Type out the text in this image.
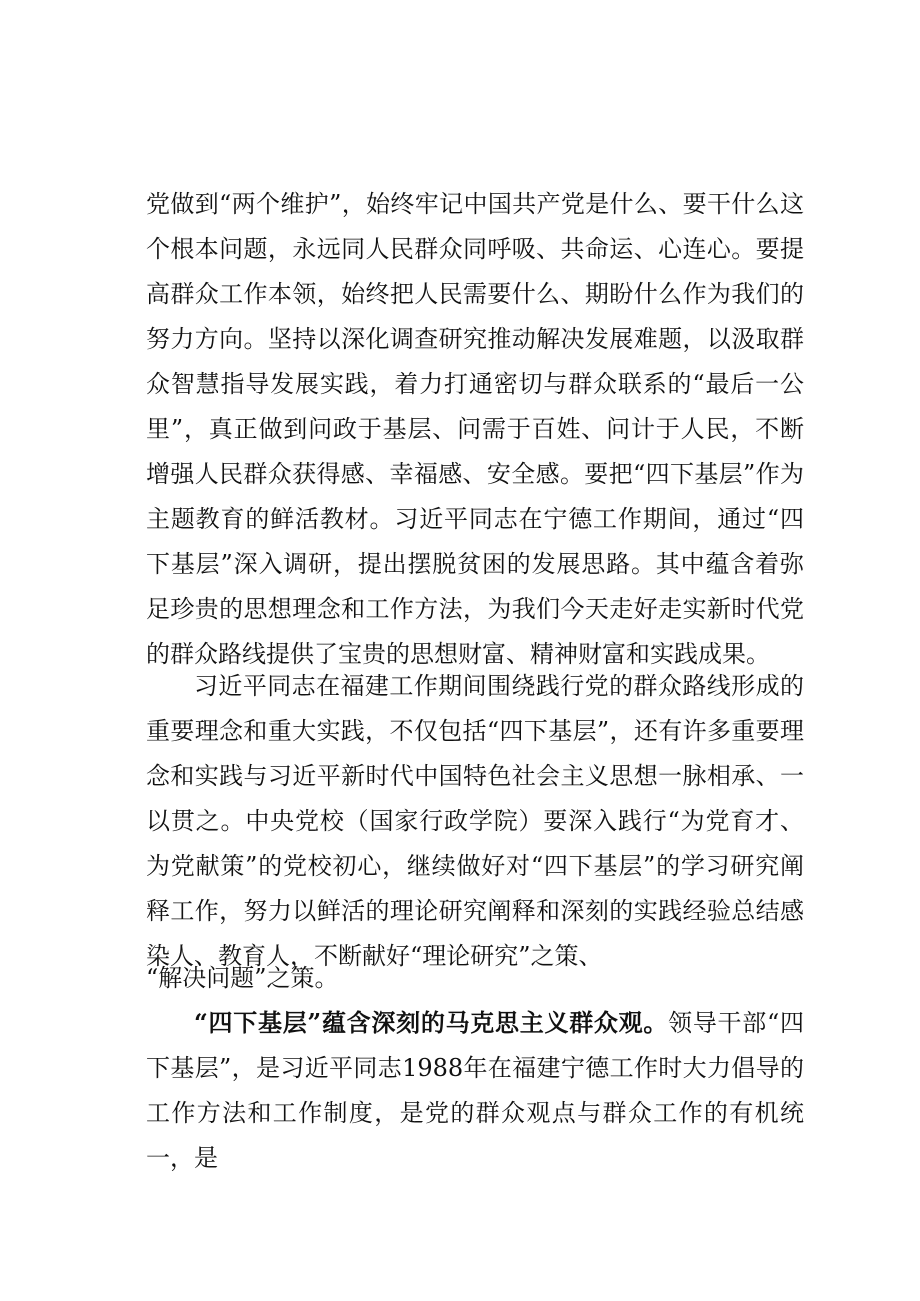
党做到“两个维护”，始终牢记中国共产党是什么、要干什么这个根本问题，永远同人民群众同呼吸、共命运、心连心。要提高群众工作本领，始终把人民需要什么、期盼什么作为我们的努力方向。坚持以深化调查研究推动解决发展难题，以汲取群众智慧指导发展实践，着力打通密切与群众联系的“最后一公里”，真正做到问政于基层、问需于百姓、问计于人民，不断增强人民群众获得感、幸福感、安全感。要把“四下基层”作为主题教育的鲜活教材。习近平同志在宁德工作期间，通过“四下基层”深入调研，提出摆脱贫困的发展思路。其中蕴含着弥足珍贵的思想理念和工作方法，为我们今天走好走实新时代党的群众路线提供了宝贵的思想财富、精神财富和实践成果。

习近平同志在福建工作期间围绕践行党的群众路线形成的重要理念和重大实践，不仅包括“四下基层”，还有许多重要理念和实践与习近平新时代中国特色社会主义思想一脉相承、一以贯之。中央党校（国家行政学院）要深入践行“为党育才、为党献策”的党校初心，继续做好对“四下基层”的学习研究阐释工作，努力以鲜活的理论研究阐释和深刻的实践经验总结感染人、教育人，不断献好“理论研究”之策、

“解决问题”之策。

“四下基层”蕴含深刻的马克思主义群众观。领导干部“四下基层”，是习近平同志1988年在福建宁德工作时大力倡导的工作方法和工作制度，是党的群众观点与群众工作的有机统一，是
